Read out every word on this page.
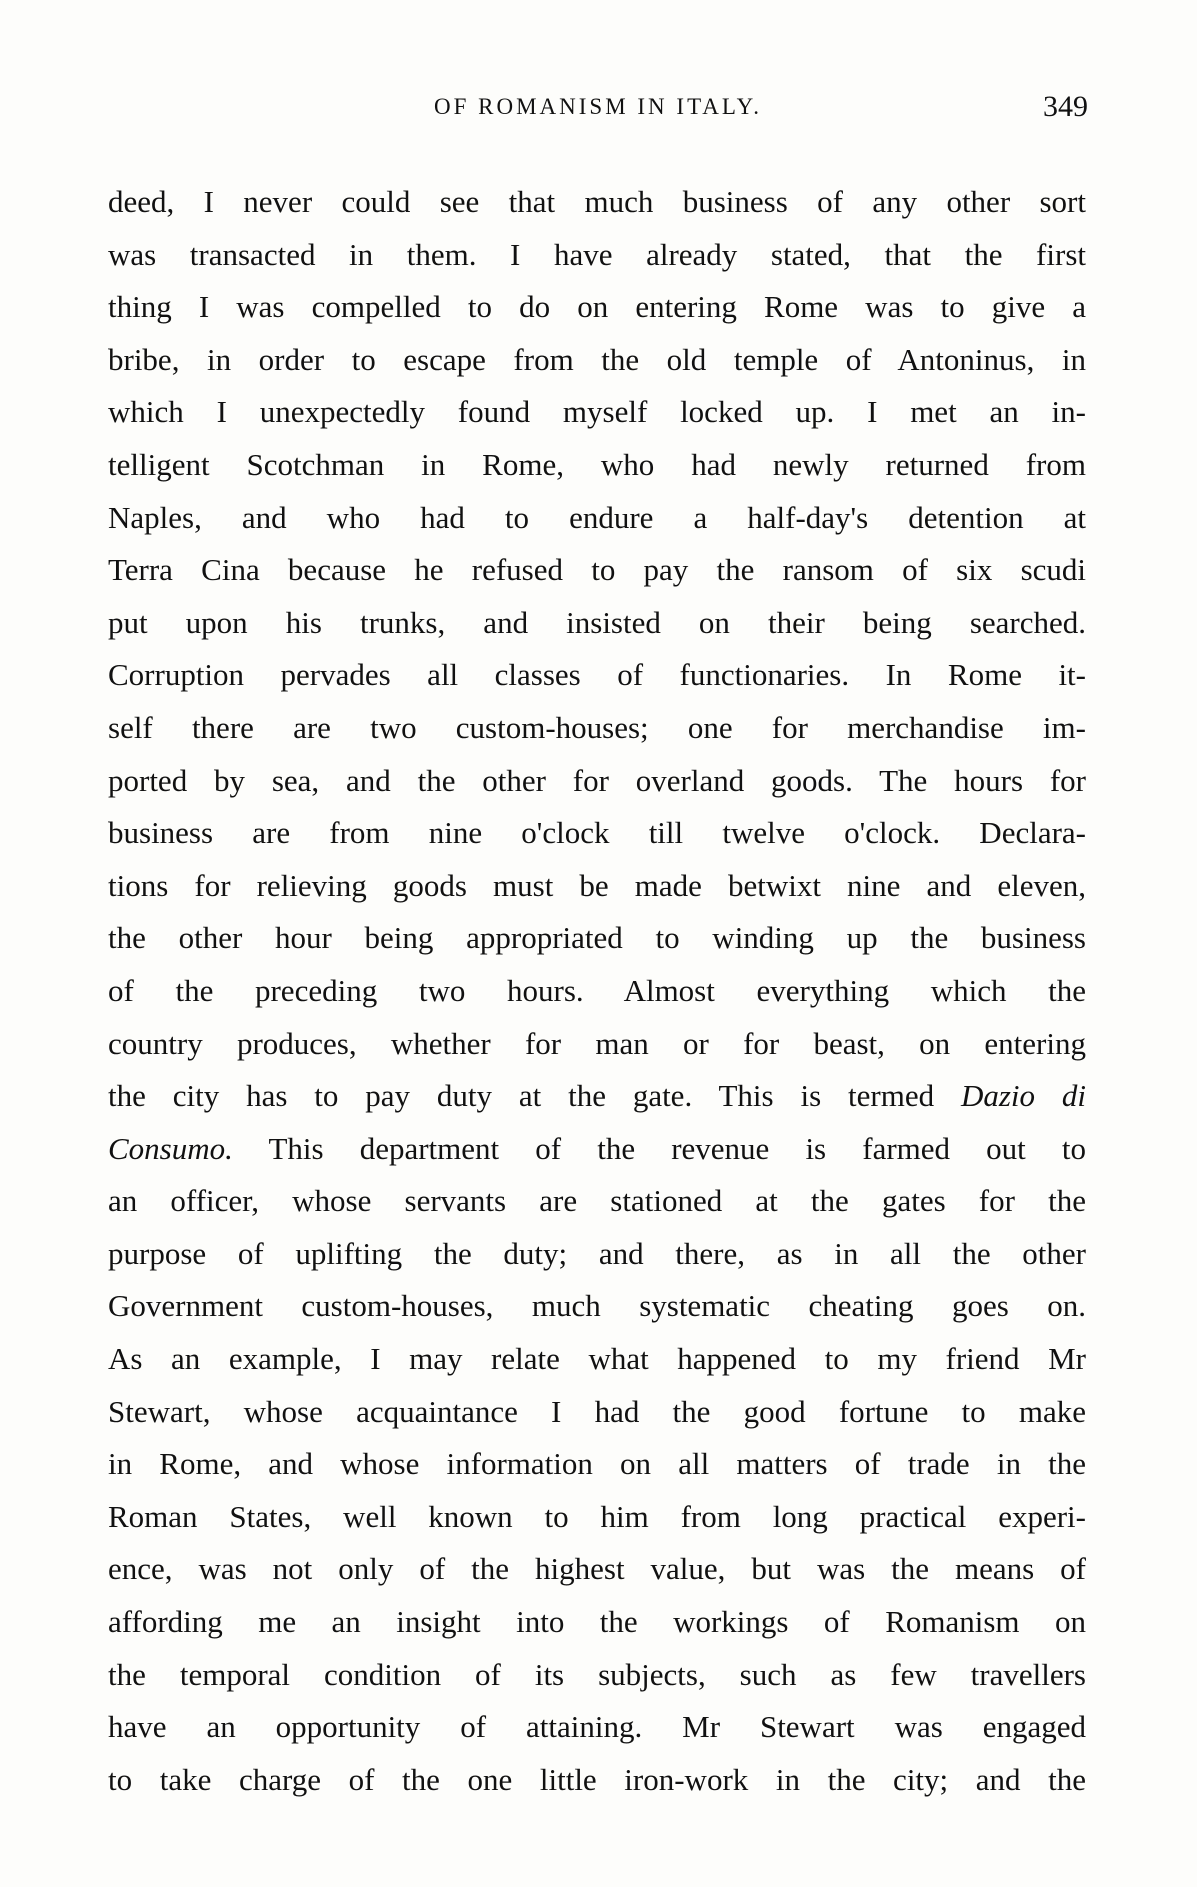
OF ROMANISM IN ITALY.	349
deed, I never could see that much business of any other sort
was transacted in them. I have already stated, that the first
thing I was compelled to do on entering Rome was to give a
bribe, in order to escape from the old temple of Antoninus, in
which I unexpectedly found myself locked up. I met an in-
telligent Scotchman in Rome, who had newly returned from
Naples, and who had to endure a half-day's detention at
Terra Cina because he refused to pay the ransom of six scudi
put upon his trunks, and insisted on their being searched.
Corruption pervades all classes of functionaries. In Rome it-
self there are two custom-houses; one for merchandise im-
ported by sea, and the other for overland goods. The hours for
business are from nine o'clock till twelve o'clock. Declara-
tions for relieving goods must be made betwixt nine and eleven,
the other hour being appropriated to winding up the business
of the preceding two hours. Almost everything which the
country produces, whether for man or for beast, on entering
the city has to pay duty at the gate. This is termed Dazio di
Consumo. This department of the revenue is farmed out to
an officer, whose servants are stationed at the gates for the
purpose of uplifting the duty; and there, as in all the other
Government custom-houses, much systematic cheating goes on.
As an example, I may relate what happened to my friend Mr
Stewart, whose acquaintance I had the good fortune to make
in Rome, and whose information on all matters of trade in the
Roman States, well known to him from long practical experi-
ence, was not only of the highest value, but was the means of
affording me an insight into the workings of Romanism on
the temporal condition of its subjects, such as few travellers
have an opportunity of attaining. Mr Stewart was engaged
to take charge of the one little iron-work in the city; and the
